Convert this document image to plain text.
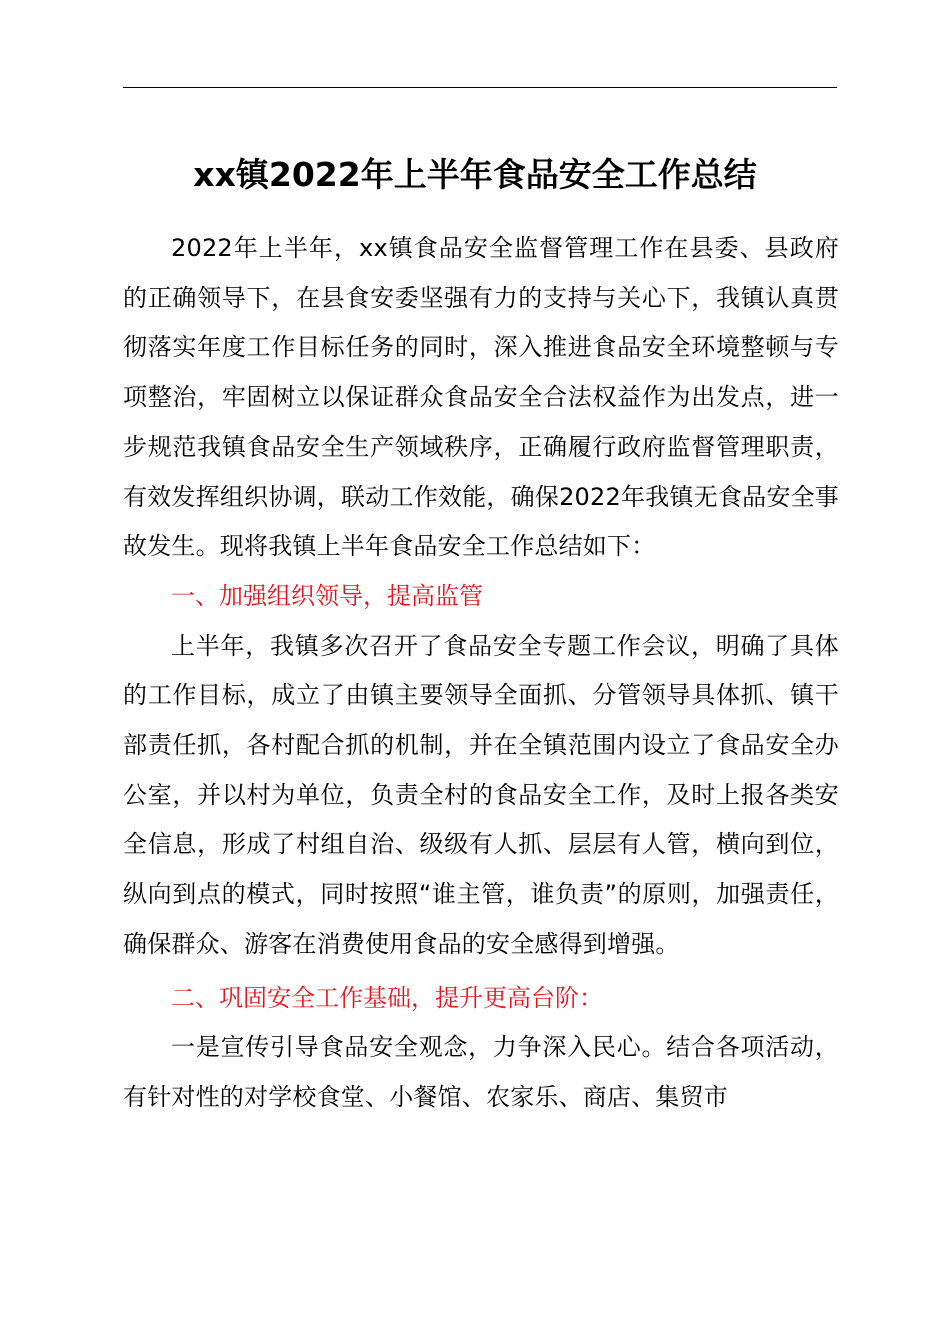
xx镇2022年上半年食品安全工作总结

2022年上半年，xx镇食品安全监督管理工作在县委、县政府的正确领导下，在县食安委坚强有力的支持与关心下，我镇认真贯彻落实年度工作目标任务的同时，深入推进食品安全环境整顿与专项整治，牢固树立以保证群众食品安全合法权益作为出发点，进一步规范我镇食品安全生产领域秩序，正确履行政府监督管理职责，有效发挥组织协调，联动工作效能，确保2022年我镇无食品安全事故发生。现将我镇上半年食品安全工作总结如下：

一、加强组织领导，提高监管

上半年，我镇多次召开了食品安全专题工作会议，明确了具体的工作目标，成立了由镇主要领导全面抓、分管领导具体抓、镇干部责任抓，各村配合抓的机制，并在全镇范围内设立了食品安全办公室，并以村为单位，负责全村的食品安全工作，及时上报各类安全信息，形成了村组自治、级级有人抓、层层有人管，横向到位，纵向到点的模式，同时按照“谁主管，谁负责”的原则，加强责任，确保群众、游客在消费使用食品的安全感得到增强。

二、巩固安全工作基础，提升更高台阶：

一是宣传引导食品安全观念，力争深入民心。结合各项活动，有针对性的对学校食堂、小餐馆、农家乐、商店、集贸市
